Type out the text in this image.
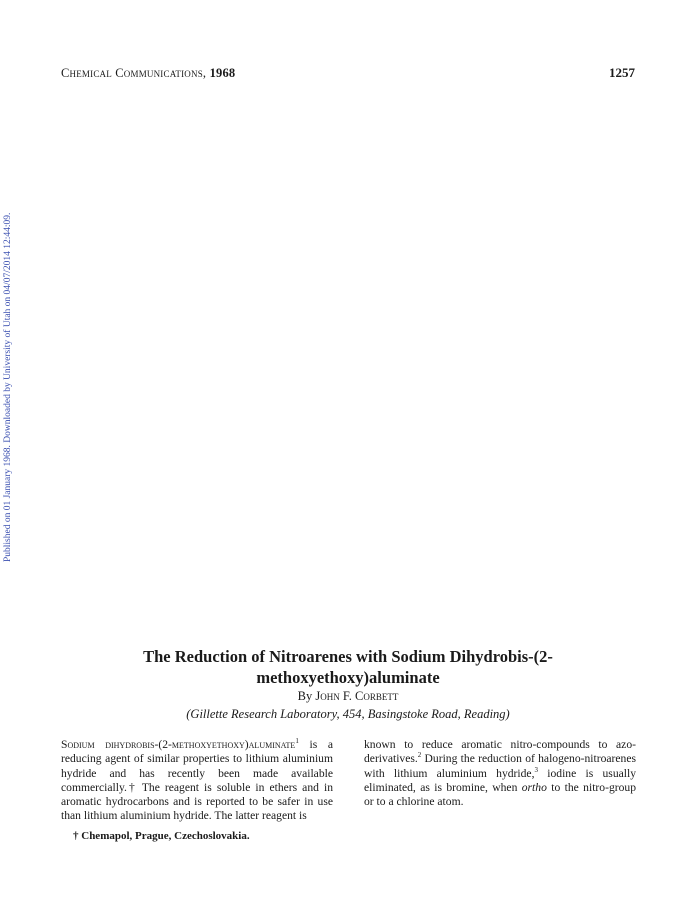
Chemical Communications, 1968	1257
Published on 01 January 1968. Downloaded by University of Utah on 04/07/2014 12:44:09.
The Reduction of Nitroarenes with Sodium Dihydrobis-(2-methoxyethoxy)aluminate
By John F. Corbett
(Gillette Research Laboratory, 454, Basingstoke Road, Reading)
Sodium dihydrobis-(2-methoxyethoxy)aluminate$^1$ is a reducing agent of similar properties to lithium aluminium hydride and has recently been made available commercially.† The reagent is soluble in ethers and in aromatic hydrocarbons and is reported to be safer in use than lithium aluminium hydride. The latter reagent is
known to reduce aromatic nitro-compounds to azo-derivatives.$^2$ During the reduction of halogeno-nitroarenes with lithium aluminium hydride,$^3$ iodine is usually eliminated, as is bromine, when ortho to the nitro-group or to a chlorine atom.
† Chemapol, Prague, Czechoslovakia.
